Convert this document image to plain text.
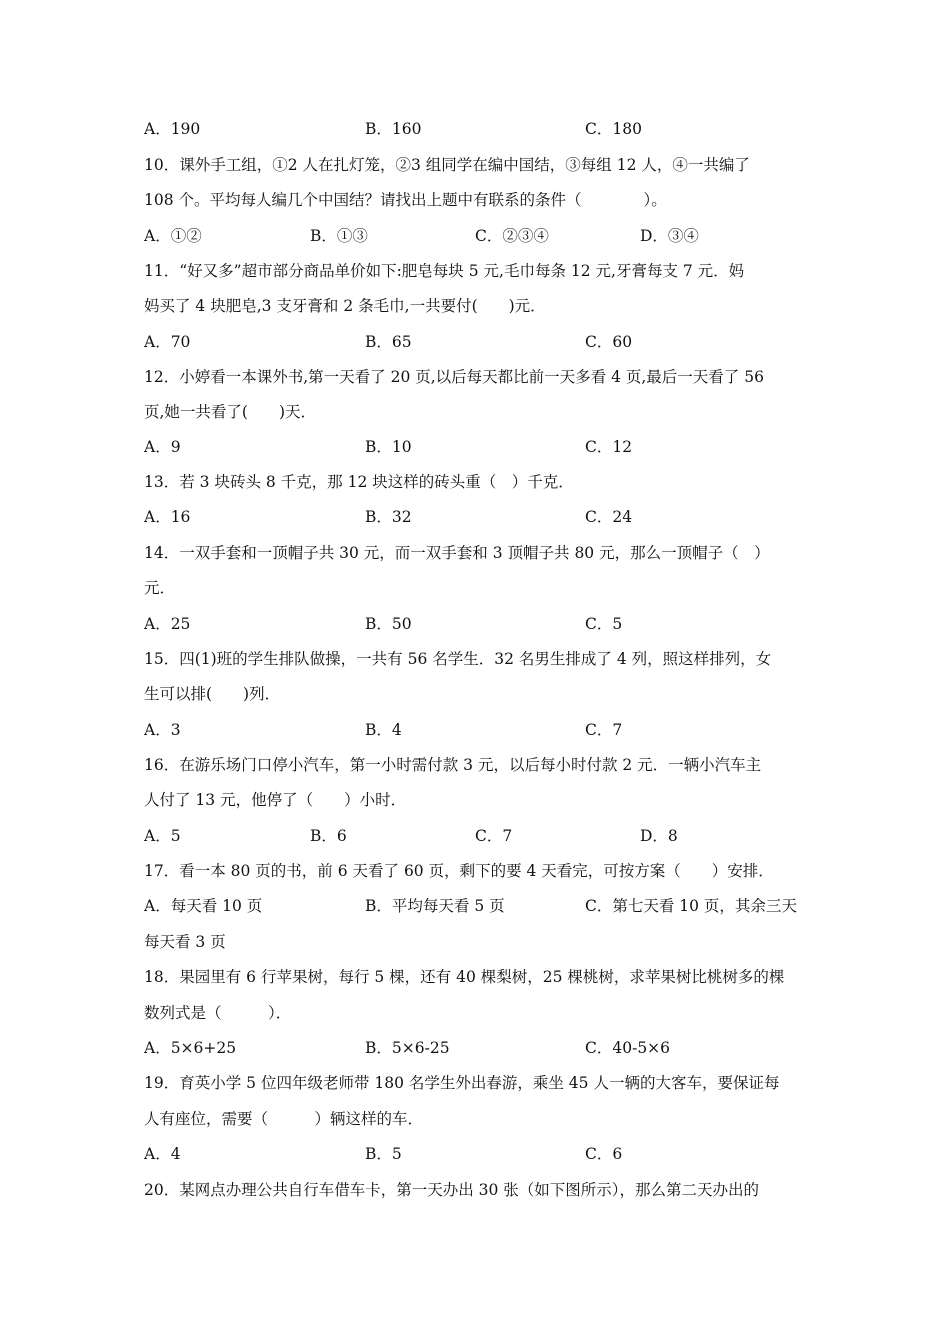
A．190	B．160	C．180
10．课外手工组，①2 人在扎灯笼，②3 组同学在编中国结，③每组 12 人，④一共编了
108 个。平均每人编几个中国结？请找出上题中有联系的条件（　　　　）。
A．①②	B．①③	C．②③④	D．③④
11．“好又多”超市部分商品单价如下:肥皂每块 5 元,毛巾每条 12 元,牙膏每支 7 元．妈
妈买了 4 块肥皂,3 支牙膏和 2 条毛巾,一共要付(　　)元．
A．70	B．65	C．60
12．小婷看一本课外书,第一天看了 20 页,以后每天都比前一天多看 4 页,最后一天看了 56
页,她一共看了(　　)天．
A．9	B．10	C．12
13．若 3 块砖头 8 千克，那 12 块这样的砖头重（　）千克．
A．16	B．32	C．24
14．一双手套和一顶帽子共 30 元，而一双手套和 3 顶帽子共 80 元，那么一顶帽子（　）
元．
A．25	B．50	C．5
15．四(1)班的学生排队做操，一共有 56 名学生．32 名男生排成了 4 列，照这样排列，女
生可以排(　　)列．
A．3	B．4	C．7
16．在游乐场门口停小汽车，第一小时需付款 3 元，以后每小时付款 2 元．一辆小汽车主
人付了 13 元，他停了（　　）小时．
A．5	B．6	C．7	D．8
17．看一本 80 页的书，前 6 天看了 60 页，剩下的要 4 天看完，可按方案（　　）安排．
A．每天看 10 页	B．平均每天看 5 页	C．第七天看 10 页，其余三天
每天看 3 页
18．果园里有 6 行苹果树，每行 5 棵，还有 40 棵梨树，25 棵桃树，求苹果树比桃树多的棵
数列式是（　　　）．
A．5×6+25	B．5×6-25	C．40-5×6
19．育英小学 5 位四年级老师带 180 名学生外出春游，乘坐 45 人一辆的大客车，要保证每
人有座位，需要（　　　）辆这样的车．
A．4	B．5	C．6
20．某网点办理公共自行车借车卡，第一天办出 30 张（如下图所示），那么第二天办出的
